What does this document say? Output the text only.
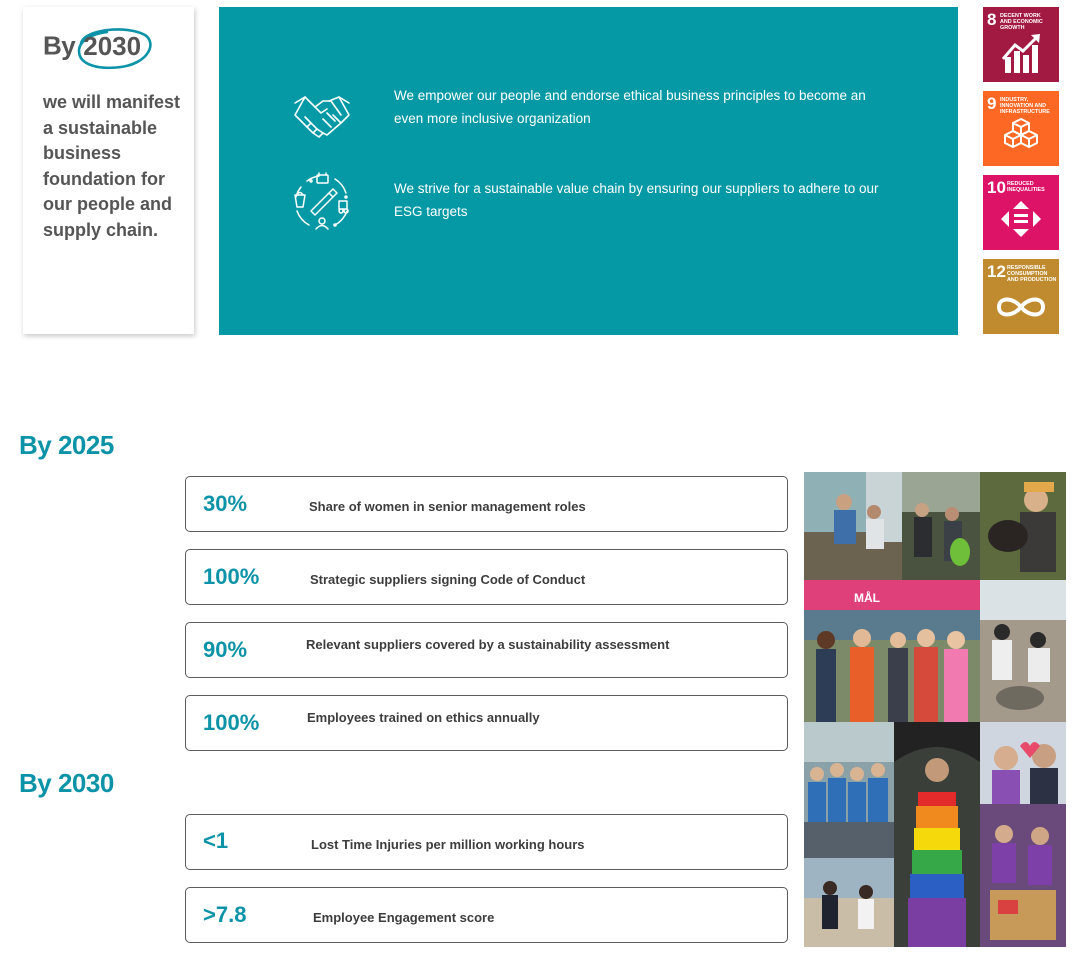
By 2030
we will manifest a sustainable business foundation for our people and supply chain.
We empower our people and endorse ethical business principles to become an even more inclusive organization
We strive for a sustainable value chain by ensuring our suppliers to adhere to our ESG targets
8 DECENT WORK AND ECONOMIC GROWTH
9 INDUSTRY, INNOVATION AND INFRASTRUCTURE
10 REDUCED INEQUALITIES
12 RESPONSIBLE CONSUMPTION AND PRODUCTION
By 2025
30%	Share of women in senior management roles
100%	Strategic suppliers signing Code of Conduct
90%	Relevant suppliers covered by a sustainability assessment
100%	Employees trained on ethics annually
By 2030
<1	Lost Time Injuries per million working hours
>7.8	Employee Engagement score
MÅL
